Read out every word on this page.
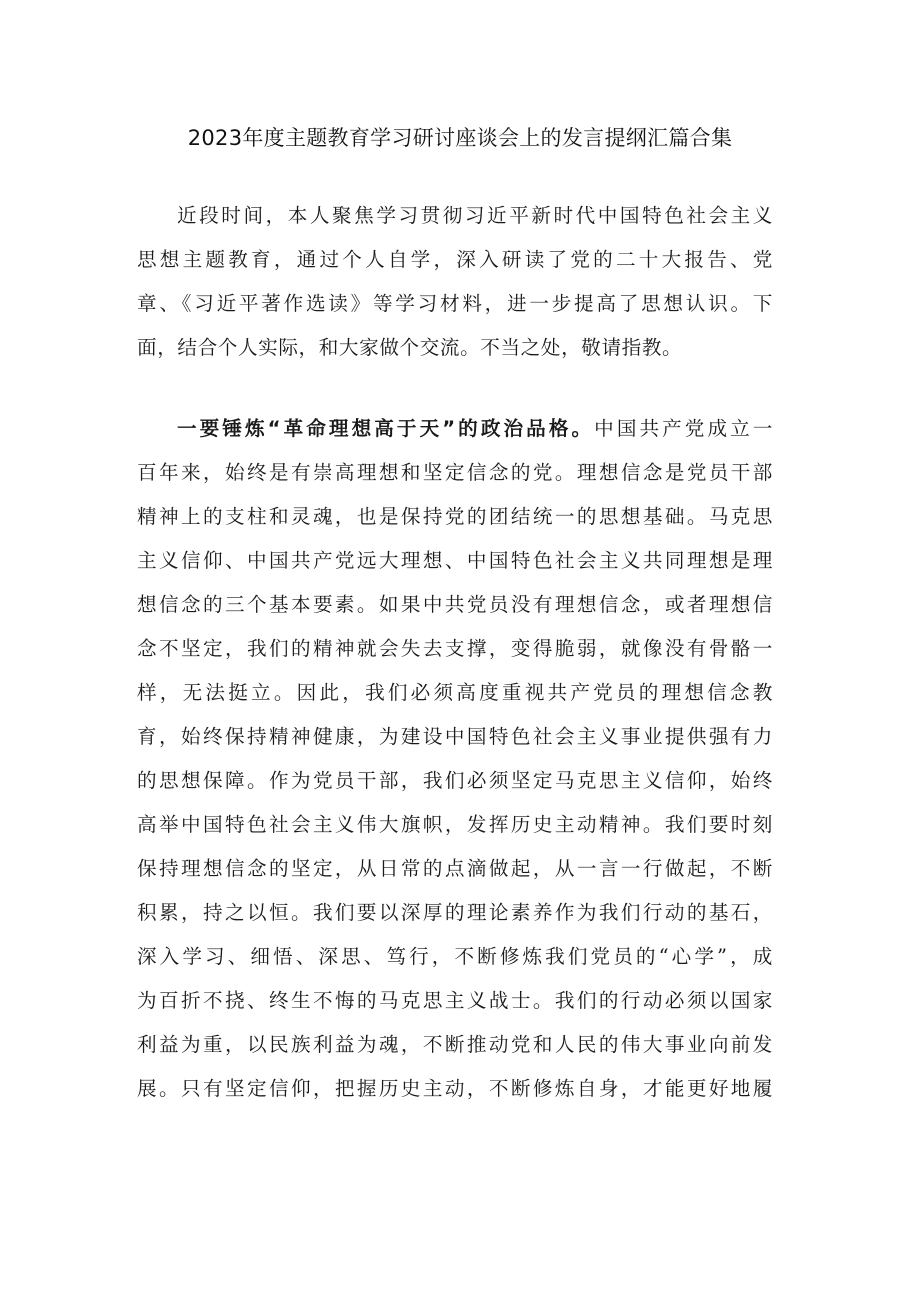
2023年度主题教育学习研讨座谈会上的发言提纲汇篇合集
近段时间，本人聚焦学习贯彻习近平新时代中国特色社会主义
思想主题教育，通过个人自学，深入研读了党的二十大报告、党
章、《习近平著作选读》等学习材料，进一步提高了思想认识。下
面，结合个人实际，和大家做个交流。不当之处，敬请指教。
一要锤炼“革命理想高于天”的政治品格。中国共产党成立一
百年来，始终是有崇高理想和坚定信念的党。理想信念是党员干部
精神上的支柱和灵魂，也是保持党的团结统一的思想基础。马克思
主义信仰、中国共产党远大理想、中国特色社会主义共同理想是理
想信念的三个基本要素。如果中共党员没有理想信念，或者理想信
念不坚定，我们的精神就会失去支撑，变得脆弱，就像没有骨骼一
样，无法挺立。因此，我们必须高度重视共产党员的理想信念教
育，始终保持精神健康，为建设中国特色社会主义事业提供强有力
的思想保障。作为党员干部，我们必须坚定马克思主义信仰，始终
高举中国特色社会主义伟大旗帜，发挥历史主动精神。我们要时刻
保持理想信念的坚定，从日常的点滴做起，从一言一行做起，不断
积累，持之以恒。我们要以深厚的理论素养作为我们行动的基石，
深入学习、细悟、深思、笃行，不断修炼我们党员的“心学”，成
为百折不挠、终生不悔的马克思主义战士。我们的行动必须以国家
利益为重，以民族利益为魂，不断推动党和人民的伟大事业向前发
展。只有坚定信仰，把握历史主动，不断修炼自身，才能更好地履
